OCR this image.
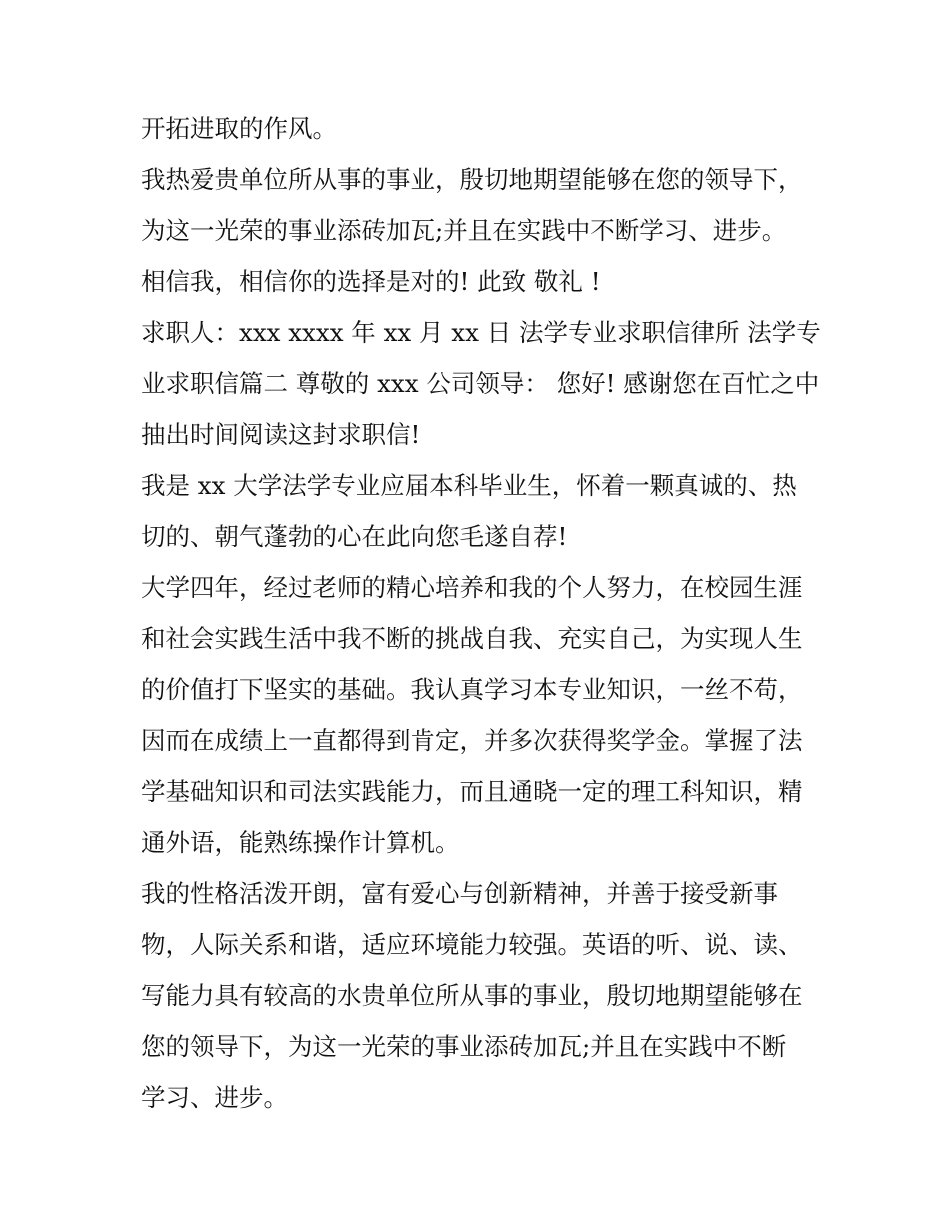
开拓进取的作风。
我热爱贵单位所从事的事业，殷切地期望能够在您的领导下，
为这一光荣的事业添砖加瓦;并且在实践中不断学习、进步。
相信我，相信你的选择是对的! 此致 敬礼 !
求职人：xxx xxxx 年 xx 月 xx 日 法学专业求职信律所 法学专
业求职信篇二 尊敬的 xxx 公司领导： 您好! 感谢您在百忙之中
抽出时间阅读这封求职信!
我是 xx 大学法学专业应届本科毕业生，怀着一颗真诚的、热
切的、朝气蓬勃的心在此向您毛遂自荐!
大学四年，经过老师的精心培养和我的个人努力，在校园生涯
和社会实践生活中我不断的挑战自我、充实自己，为实现人生
的价值打下坚实的基础。我认真学习本专业知识，一丝不苟，
因而在成绩上一直都得到肯定，并多次获得奖学金。掌握了法
学基础知识和司法实践能力，而且通晓一定的理工科知识，精
通外语，能熟练操作计算机。
我的性格活泼开朗，富有爱心与创新精神，并善于接受新事
物，人际关系和谐，适应环境能力较强。英语的听、说、读、
写能力具有较高的水贵单位所从事的事业，殷切地期望能够在
您的领导下，为这一光荣的事业添砖加瓦;并且在实践中不断
学习、进步。
